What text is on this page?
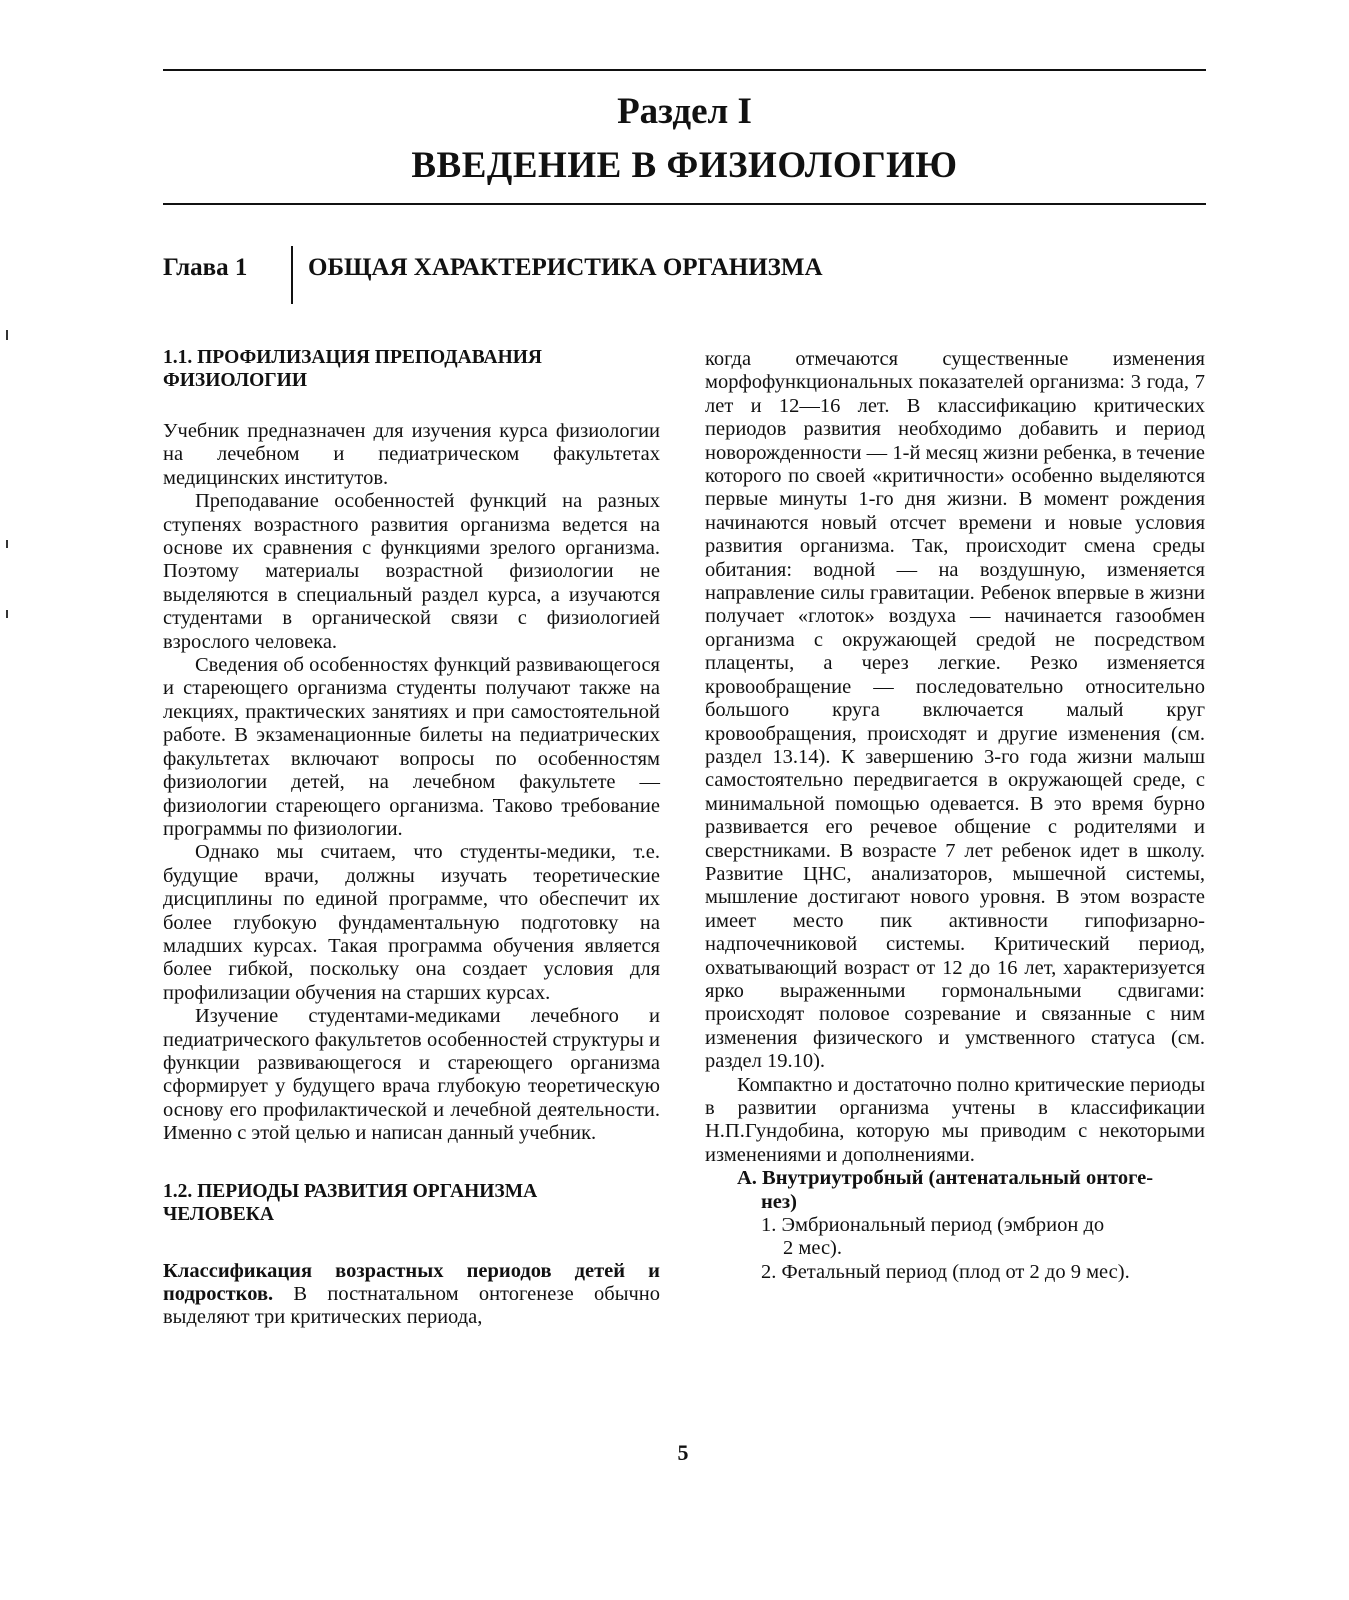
Раздел I
ВВЕДЕНИЕ В ФИЗИОЛОГИЮ
Глава 1 ОБЩАЯ ХАРАКТЕРИСТИКА ОРГАНИЗМА
1.1. ПРОФИЛИЗАЦИЯ ПРЕПОДАВАНИЯ
ФИЗИОЛОГИИ

Учебник предназначен для изучения курса физиологии на лечебном и педиатрическом факультетах медицинских институтов.

Преподавание особенностей функций на разных ступенях возрастного развития организма ведется на основе их сравнения с функциями зрелого организма. Поэтому материалы возрастной физиологии не выделяются в специальный раздел курса, а изучаются студентами в органической связи с физиологией взрослого человека.

Сведения об особенностях функций развивающегося и стареющего организма студенты получают также на лекциях, практических занятиях и при самостоятельной работе. В экзаменационные билеты на педиатрических факультетах включают вопросы по особенностям физиологии детей, на лечебном факультете — физиологии стареющего организма. Таково требование программы по физиологии.

Однако мы считаем, что студенты-медики, т.е. будущие врачи, должны изучать теоретические дисциплины по единой программе, что обеспечит их более глубокую фундаментальную подготовку на младших курсах. Такая программа обучения является более гибкой, поскольку она создает условия для профилизации обучения на старших курсах.

Изучение студентами-медиками лечебного и педиатрического факультетов особенностей структуры и функции развивающегося и стареющего организма сформирует у будущего врача глубокую теоретическую основу его профилактической и лечебной деятельности. Именно с этой целью и написан данный учебник.

1.2. ПЕРИОДЫ РАЗВИТИЯ ОРГАНИЗМА
ЧЕЛОВЕКА

Классификация возрастных периодов детей и подростков. В постнатальном онтогенезе обычно выделяют три критических периода,

когда отмечаются существенные изменения морфофункциональных показателей организма: 3 года, 7 лет и 12—16 лет. В классификацию критических периодов развития необходимо добавить и период новорожденности — 1-й месяц жизни ребенка, в течение которого по своей «критичности» особенно выделяются первые минуты 1-го дня жизни. В момент рождения начинаются новый отсчет времени и новые условия развития организма. Так, происходит смена среды обитания: водной — на воздушную, изменяется направление силы гравитации. Ребенок впервые в жизни получает «глоток» воздуха — начинается газообмен организма с окружающей средой не посредством плаценты, а через легкие. Резко изменяется кровообращение — последовательно относительно большого круга включается малый круг кровообращения, происходят и другие изменения (см. раздел 13.14). К завершению 3-го года жизни малыш самостоятельно передвигается в окружающей среде, с минимальной помощью одевается. В это время бурно развивается его речевое общение с родителями и сверстниками. В возрасте 7 лет ребенок идет в школу. Развитие ЦНС, анализаторов, мышечной системы, мышление достигают нового уровня. В этом возрасте имеет место пик активности гипофизарно-надпочечниковой системы. Критический период, охватывающий возраст от 12 до 16 лет, характеризуется ярко выраженными гормональными сдвигами: происходят половое созревание и связанные с ним изменения физического и умственного статуса (см. раздел 19.10).

Компактно и достаточно полно критические периоды в развитии организма учтены в классификации Н.П.Гундобина, которую мы приводим с некоторыми изменениями и дополнениями.

А. Внутриутробный (антенатальный онтоге-
нез)
1. Эмбриональный период (эмбрион до
2 мес).
2. Фетальный период (плод от 2 до 9 мес).
5
